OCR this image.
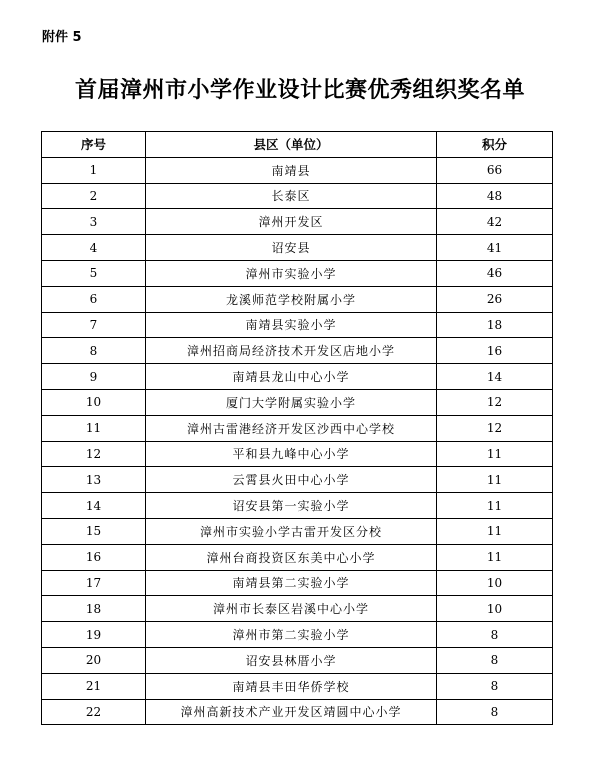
附件 5
首届漳州市小学作业设计比赛优秀组织奖名单
序号	县区（单位）	积分
1	南靖县	66
2	长泰区	48
3	漳州开发区	42
4	诏安县	41
5	漳州市实验小学	46
6	龙溪师范学校附属小学	26
7	南靖县实验小学	18
8	漳州招商局经济技术开发区店地小学	16
9	南靖县龙山中心小学	14
10	厦门大学附属实验小学	12
11	漳州古雷港经济开发区沙西中心学校	12
12	平和县九峰中心小学	11
13	云霄县火田中心小学	11
14	诏安县第一实验小学	11
15	漳州市实验小学古雷开发区分校	11
16	漳州台商投资区东美中心小学	11
17	南靖县第二实验小学	10
18	漳州市长泰区岩溪中心小学	10
19	漳州市第二实验小学	8
20	诏安县林厝小学	8
21	南靖县丰田华侨学校	8
22	漳州高新技术产业开发区靖圆中心小学	8
